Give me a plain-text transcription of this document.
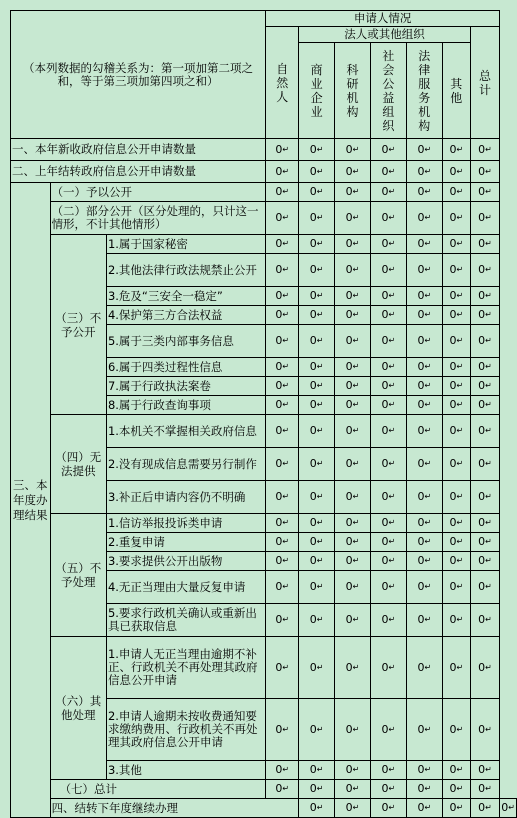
（本列数据的勾稽关系为：第一项加第二项之和，等于第三项加第四项之和）			申请人情况							
			自然人	法人或其他组织					总计	
				商业企业	科研机构	社会公益组织	法律服务机构	其他		
一、本年新收政府信息公开申请数量			0 ↵	0 ↵	0 ↵	0 ↵	0 ↵	0 ↵	0 ↵
二、上年结转政府信息公开申请数量			0 ↵	0 ↵	0 ↵	0 ↵	0 ↵	0 ↵	0 ↵
三、本年度办理结果	（一）予以公开		0 ↵	0 ↵	0 ↵	0 ↵	0 ↵	0 ↵	0 ↵
	（二）部分公开（区分处理的，只计这一情形，不计其他情形）		0 ↵	0 ↵	0 ↵	0 ↵	0 ↵	0 ↵	0 ↵
	（三）不予公开	1.属于国家秘密	0 ↵	0 ↵	0 ↵	0 ↵	0 ↵	0 ↵	0 ↵
		2.其他法律行政法规禁止公开	0 ↵	0 ↵	0 ↵	0 ↵	0 ↵	0 ↵	0 ↵
		3.危及“三安全一稳定”	0 ↵	0 ↵	0 ↵	0 ↵	0 ↵	0 ↵	0 ↵
		4.保护第三方合法权益	0 ↵	0 ↵	0 ↵	0 ↵	0 ↵	0 ↵	0 ↵
		5.属于三类内部事务信息	0 ↵	0 ↵	0 ↵	0 ↵	0 ↵	0 ↵	0 ↵
		6.属于四类过程性信息	0 ↵	0 ↵	0 ↵	0 ↵	0 ↵	0 ↵	0 ↵
		7.属于行政执法案卷	0 ↵	0 ↵	0 ↵	0 ↵	0 ↵	0 ↵	0 ↵
		8.属于行政查询事项	0 ↵	0 ↵	0 ↵	0 ↵	0 ↵	0 ↵	0 ↵
	（四）无法提供	1.本机关不掌握相关政府信息	0 ↵	0 ↵	0 ↵	0 ↵	0 ↵	0 ↵	0 ↵
		2.没有现成信息需要另行制作	0 ↵	0 ↵	0 ↵	0 ↵	0 ↵	0 ↵	0 ↵
		3.补正后申请内容仍不明确	0 ↵	0 ↵	0 ↵	0 ↵	0 ↵	0 ↵	0 ↵
	（五）不予处理	1.信访举报投诉类申请	0 ↵	0 ↵	0 ↵	0 ↵	0 ↵	0 ↵	0 ↵
		2.重复申请	0 ↵	0 ↵	0 ↵	0 ↵	0 ↵	0 ↵	0 ↵
		3.要求提供公开出版物	0 ↵	0 ↵	0 ↵	0 ↵	0 ↵	0 ↵	0 ↵
		4.无正当理由大量反复申请	0 ↵	0 ↵	0 ↵	0 ↵	0 ↵	0 ↵	0 ↵
		5.要求行政机关确认或重新出具已获取信息	0 ↵	0 ↵	0 ↵	0 ↵	0 ↵	0 ↵	0 ↵
	（六）其他处理	1.申请人无正当理由逾期不补正、行政机关不再处理其政府信息公开申请	0 ↵	0 ↵	0 ↵	0 ↵	0 ↵	0 ↵	0 ↵
		2.申请人逾期未按收费通知要求缴纳费用、行政机关不再处理其政府信息公开申请	0 ↵	0 ↵	0 ↵	0 ↵	0 ↵	0 ↵	0 ↵
		3.其他	0 ↵	0 ↵	0 ↵	0 ↵	0 ↵	0 ↵	0 ↵
	（七）总计		0 ↵	0 ↵	0 ↵	0 ↵	0 ↵	0 ↵	0 ↵
	四、结转下年度继续办理			0 ↵	0 ↵	0 ↵	0 ↵	0 ↵	0 ↵	0 ↵
